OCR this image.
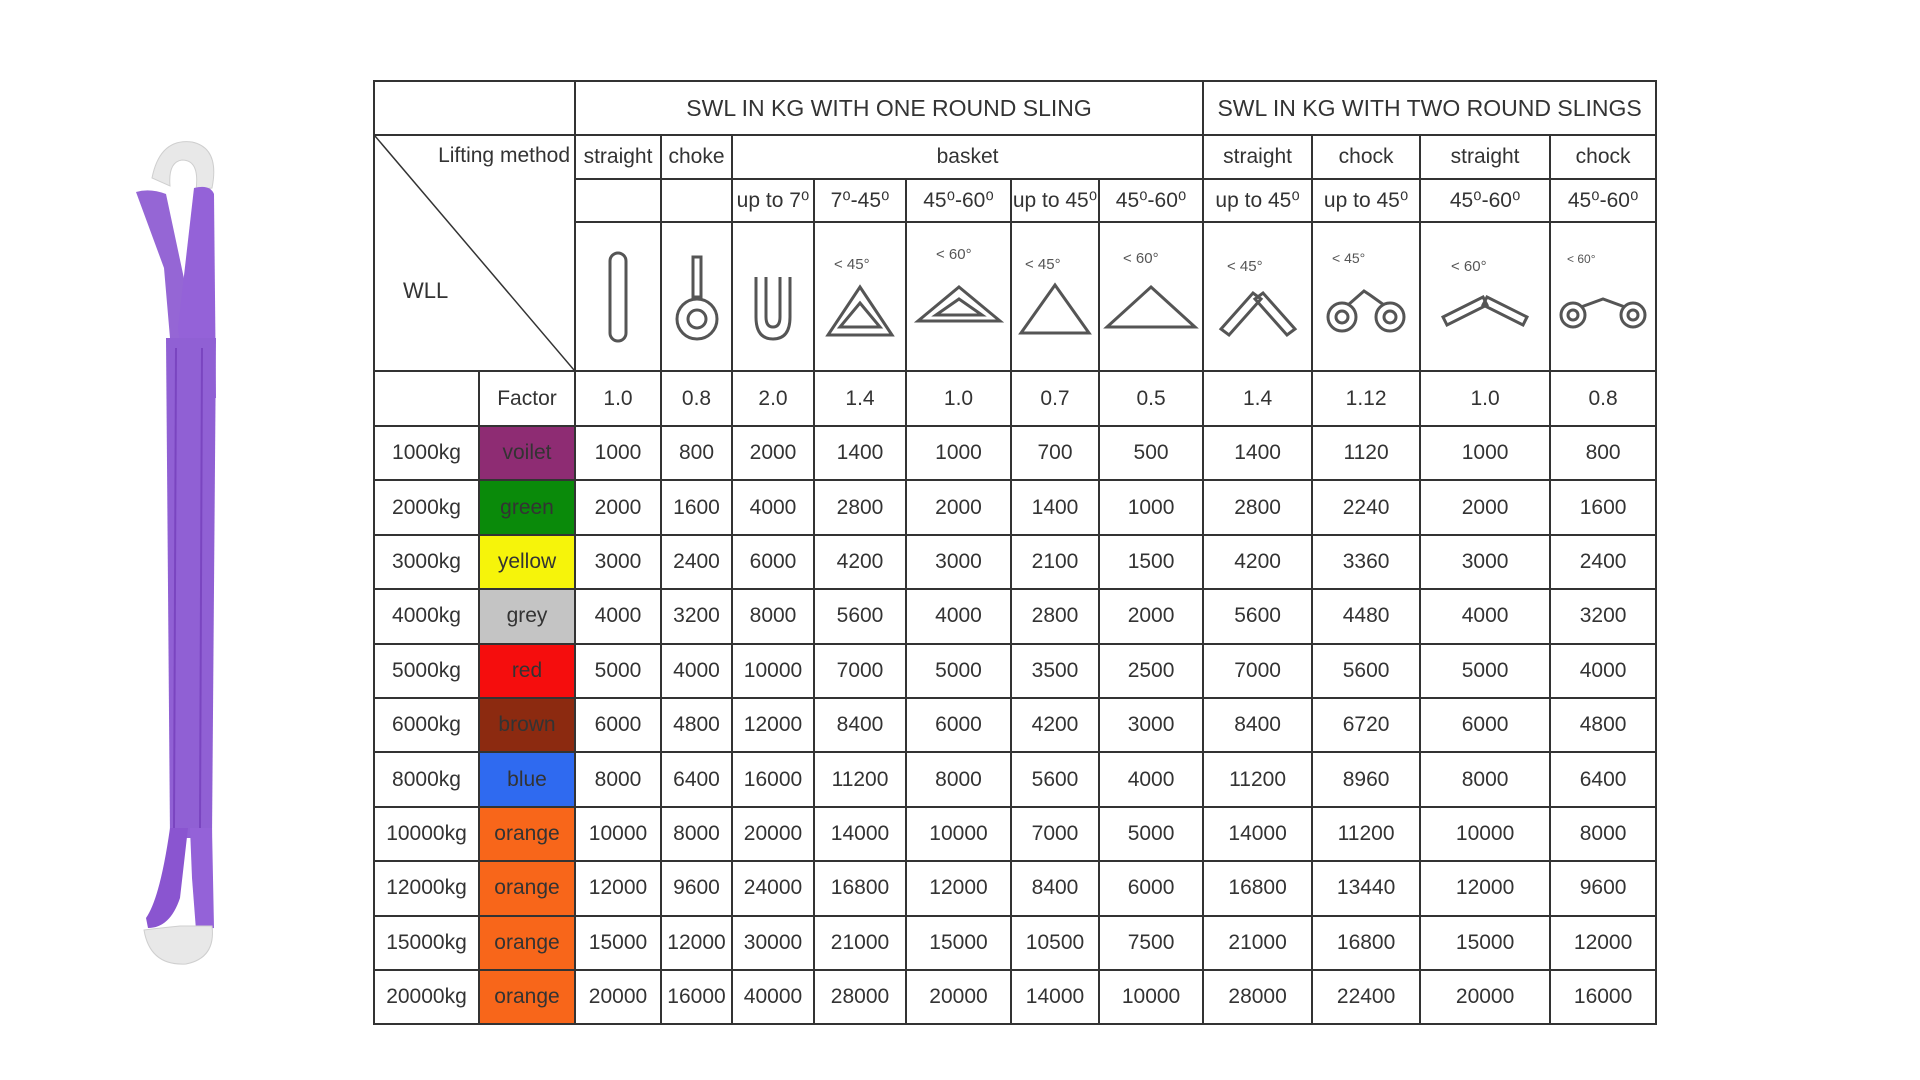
		SWL IN KG WITH ONE ROUND SLING							SWL IN KG WITH TWO ROUND SLINGS			

Lifting method
WLL		straight	choke	basket					straight	chock	straight	chock
				up to 7⁰	7⁰-45⁰	45⁰-60⁰	up to 45⁰	45⁰-60⁰	up to 45⁰	up to 45⁰	45⁰-60⁰	45⁰-60⁰

< 45°	< 60°	< 45°	< 60°	< 45°	< 45°	< 60°	< 60°

	Factor	1.0	0.8	2.0	1.4	1.0	0.7	0.5	1.4	1.12	1.0	0.8
1000kg	voilet	1000	800	2000	1400	1000	700	500	1400	1120	1000	800
2000kg	green	2000	1600	4000	2800	2000	1400	1000	2800	2240	2000	1600
3000kg	yellow	3000	2400	6000	4200	3000	2100	1500	4200	3360	3000	2400
4000kg	grey	4000	3200	8000	5600	4000	2800	2000	5600	4480	4000	3200
5000kg	red	5000	4000	10000	7000	5000	3500	2500	7000	5600	5000	4000
6000kg	brown	6000	4800	12000	8400	6000	4200	3000	8400	6720	6000	4800
8000kg	blue	8000	6400	16000	11200	8000	5600	4000	11200	8960	8000	6400
10000kg	orange	10000	8000	20000	14000	10000	7000	5000	14000	11200	10000	8000
12000kg	orange	12000	9600	24000	16800	12000	8400	6000	16800	13440	12000	9600
15000kg	orange	15000	12000	30000	21000	15000	10500	7500	21000	16800	15000	12000
20000kg	orange	20000	16000	40000	28000	20000	14000	10000	28000	22400	20000	16000
